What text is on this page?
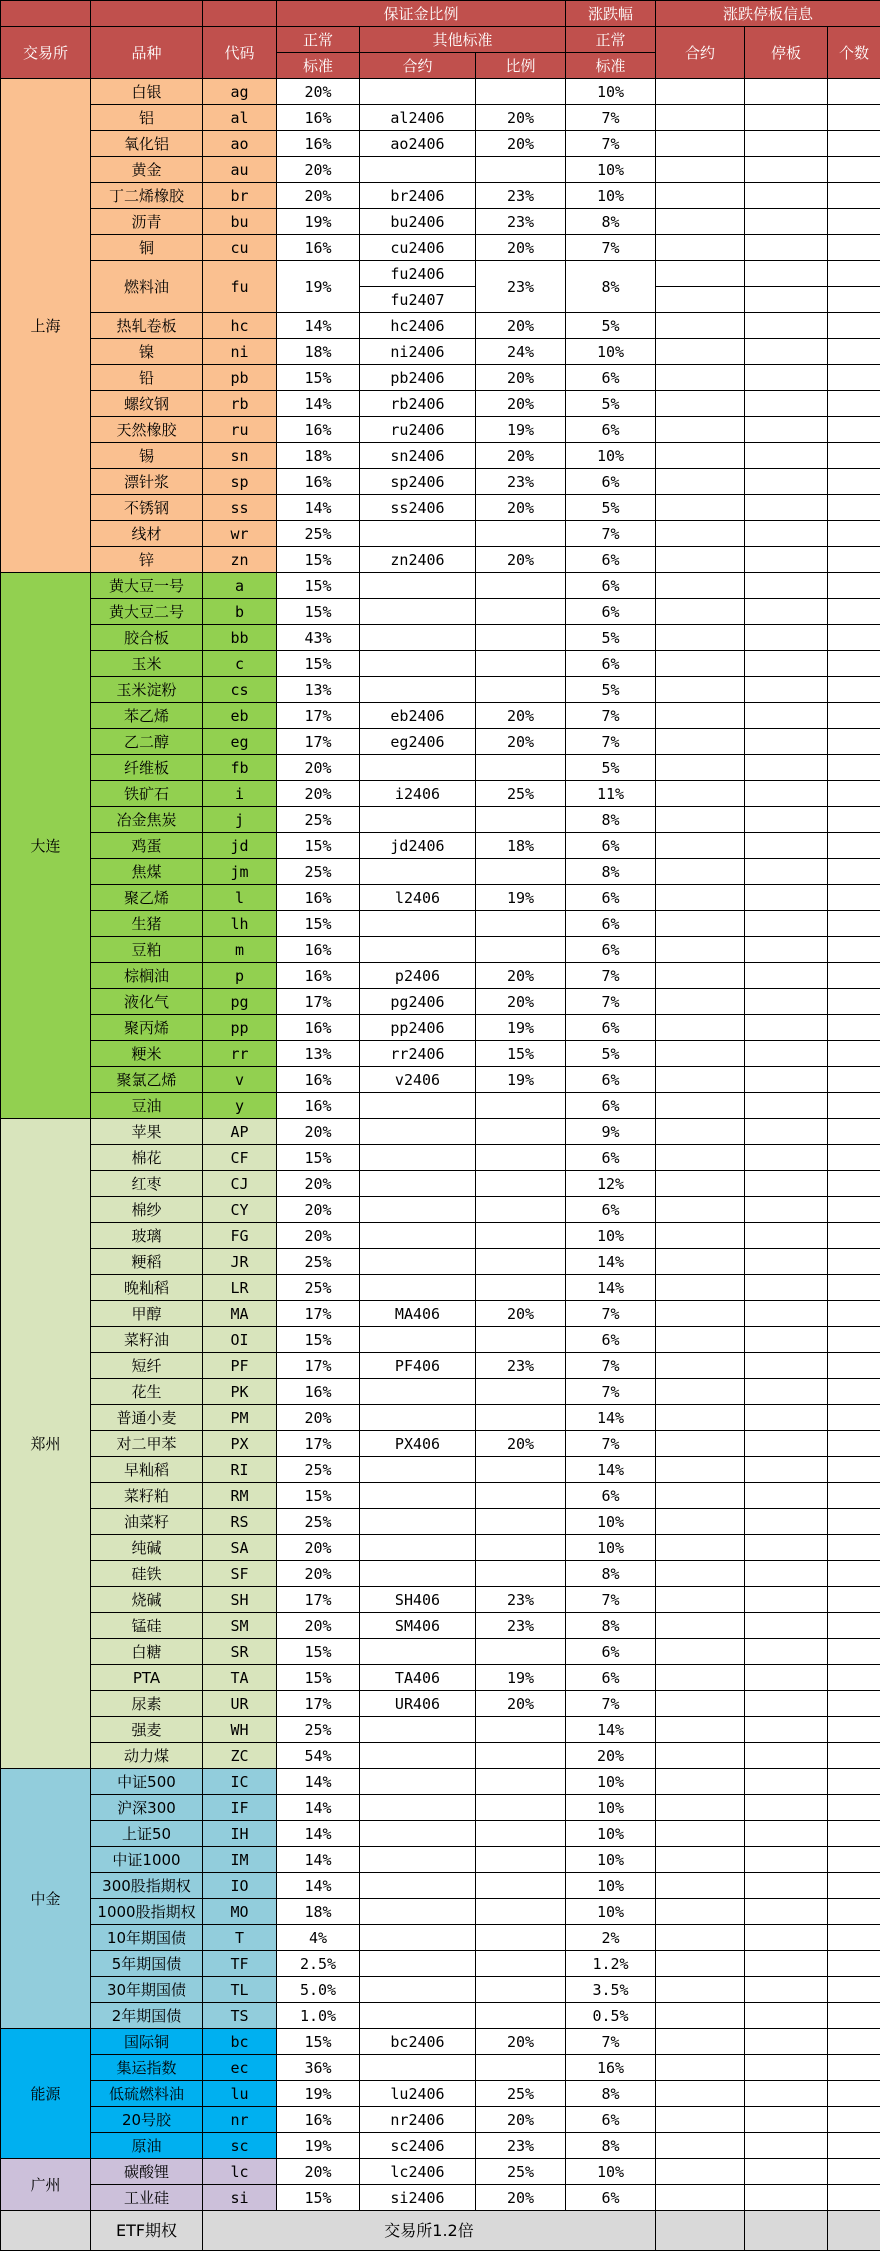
			保证金比例			涨跌幅	涨跌停板信息		
交易所	品种	代码	正常	其他标准		正常	合约	停板	个数
			标准	合约	比例	标准			
上海	白银	ag	20%			10%			
	铝	al	16%	al2406	20%	7%			
	氧化铝	ao	16%	ao2406	20%	7%			
	黄金	au	20%			10%			
	丁二烯橡胶	br	20%	br2406	23%	10%			
	沥青	bu	19%	bu2406	23%	8%			
	铜	cu	16%	cu2406	20%	7%			
	燃料油	fu	19%	fu2406	23%	8%			
				fu2407					
	热轧卷板	hc	14%	hc2406	20%	5%			
	镍	ni	18%	ni2406	24%	10%			
	铅	pb	15%	pb2406	20%	6%			
	螺纹钢	rb	14%	rb2406	20%	5%			
	天然橡胶	ru	16%	ru2406	19%	6%			
	锡	sn	18%	sn2406	20%	10%			
	漂针浆	sp	16%	sp2406	23%	6%			
	不锈钢	ss	14%	ss2406	20%	5%			
	线材	wr	25%			7%			
	锌	zn	15%	zn2406	20%	6%			
大连	黄大豆一号	a	15%			6%			
	黄大豆二号	b	15%			6%			
	胶合板	bb	43%			5%			
	玉米	c	15%			6%			
	玉米淀粉	cs	13%			5%			
	苯乙烯	eb	17%	eb2406	20%	7%			
	乙二醇	eg	17%	eg2406	20%	7%			
	纤维板	fb	20%			5%			
	铁矿石	i	20%	i2406	25%	11%			
	冶金焦炭	j	25%			8%			
	鸡蛋	jd	15%	jd2406	18%	6%			
	焦煤	jm	25%			8%			
	聚乙烯	l	16%	l2406	19%	6%			
	生猪	lh	15%			6%			
	豆粕	m	16%			6%			
	棕榈油	p	16%	p2406	20%	7%			
	液化气	pg	17%	pg2406	20%	7%			
	聚丙烯	pp	16%	pp2406	19%	6%			
	粳米	rr	13%	rr2406	15%	5%			
	聚氯乙烯	v	16%	v2406	19%	6%			
	豆油	y	16%			6%			
郑州	苹果	AP	20%			9%			
	棉花	CF	15%			6%			
	红枣	CJ	20%			12%			
	棉纱	CY	20%			6%			
	玻璃	FG	20%			10%			
	粳稻	JR	25%			14%			
	晚籼稻	LR	25%			14%			
	甲醇	MA	17%	MA406	20%	7%			
	菜籽油	OI	15%			6%			
	短纤	PF	17%	PF406	23%	7%			
	花生	PK	16%			7%			
	普通小麦	PM	20%			14%			
	对二甲苯	PX	17%	PX406	20%	7%			
	早籼稻	RI	25%			14%			
	菜籽粕	RM	15%			6%			
	油菜籽	RS	25%			10%			
	纯碱	SA	20%			10%			
	硅铁	SF	20%			8%			
	烧碱	SH	17%	SH406	23%	7%			
	锰硅	SM	20%	SM406	23%	8%			
	白糖	SR	15%			6%			
	PTA	TA	15%	TA406	19%	6%			
	尿素	UR	17%	UR406	20%	7%			
	强麦	WH	25%			14%			
	动力煤	ZC	54%			20%			
中金	中证500	IC	14%			10%			
	沪深300	IF	14%			10%			
	上证50	IH	14%			10%			
	中证1000	IM	14%			10%			
	300股指期权	IO	14%			10%			
	1000股指期权	MO	18%			10%			
	10年期国债	T	4%			2%			
	5年期国债	TF	2.5%			1.2%			
	30年期国债	TL	5.0%			3.5%			
	2年期国债	TS	1.0%			0.5%			
能源	国际铜	bc	15%	bc2406	20%	7%			
	集运指数	ec	36%			16%			
	低硫燃料油	lu	19%	lu2406	25%	8%			
	20号胶	nr	16%	nr2406	20%	6%			
	原油	sc	19%	sc2406	23%	8%			
广州	碳酸锂	lc	20%	lc2406	25%	10%			
	工业硅	si	15%	si2406	20%	6%			
	ETF期权	交易所1.2倍							
